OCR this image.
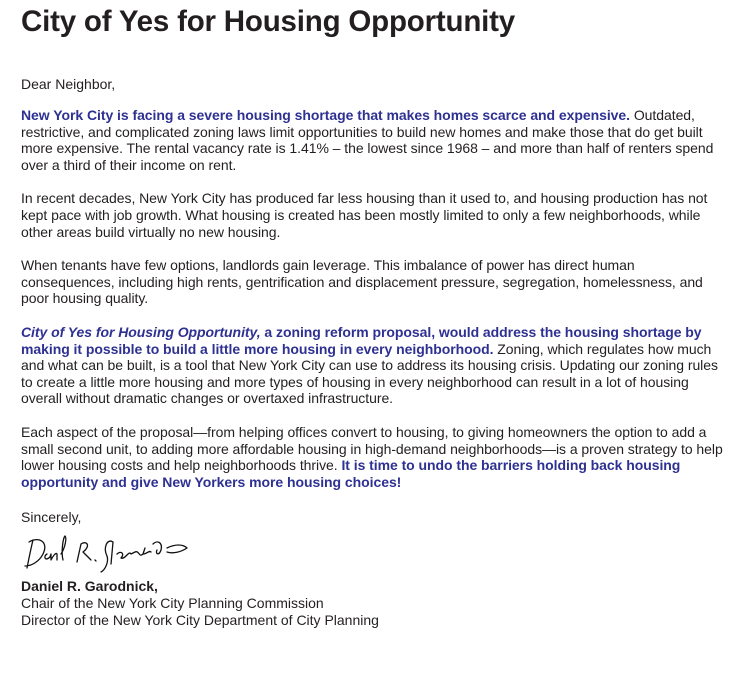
City of Yes for Housing Opportunity

Dear Neighbor,

New York City is facing a severe housing shortage that makes homes scarce and expensive. Outdated, restrictive, and complicated zoning laws limit opportunities to build new homes and make those that do get built more expensive. The rental vacancy rate is 1.41% – the lowest since 1968 – and more than half of renters spend over a third of their income on rent.

In recent decades, New York City has produced far less housing than it used to, and housing production has not kept pace with job growth. What housing is created has been mostly limited to only a few neighborhoods, while other areas build virtually no new housing.

When tenants have few options, landlords gain leverage. This imbalance of power has direct human consequences, including high rents, gentrification and displacement pressure, segregation, homelessness, and poor housing quality.

City of Yes for Housing Opportunity, a zoning reform proposal, would address the housing shortage by making it possible to build a little more housing in every neighborhood. Zoning, which regulates how much and what can be built, is a tool that New York City can use to address its housing crisis. Updating our zoning rules to create a little more housing and more types of housing in every neighborhood can result in a lot of housing overall without dramatic changes or overtaxed infrastructure.

Each aspect of the proposal—from helping offices convert to housing, to giving homeowners the option to add a small second unit, to adding more affordable housing in high-demand neighborhoods—is a proven strategy to help lower housing costs and help neighborhoods thrive. It is time to undo the barriers holding back housing opportunity and give New Yorkers more housing choices!

Sincerely,

Daniel R. Garodnick,

Chair of the New York City Planning Commission

Director of the New York City Department of City Planning
